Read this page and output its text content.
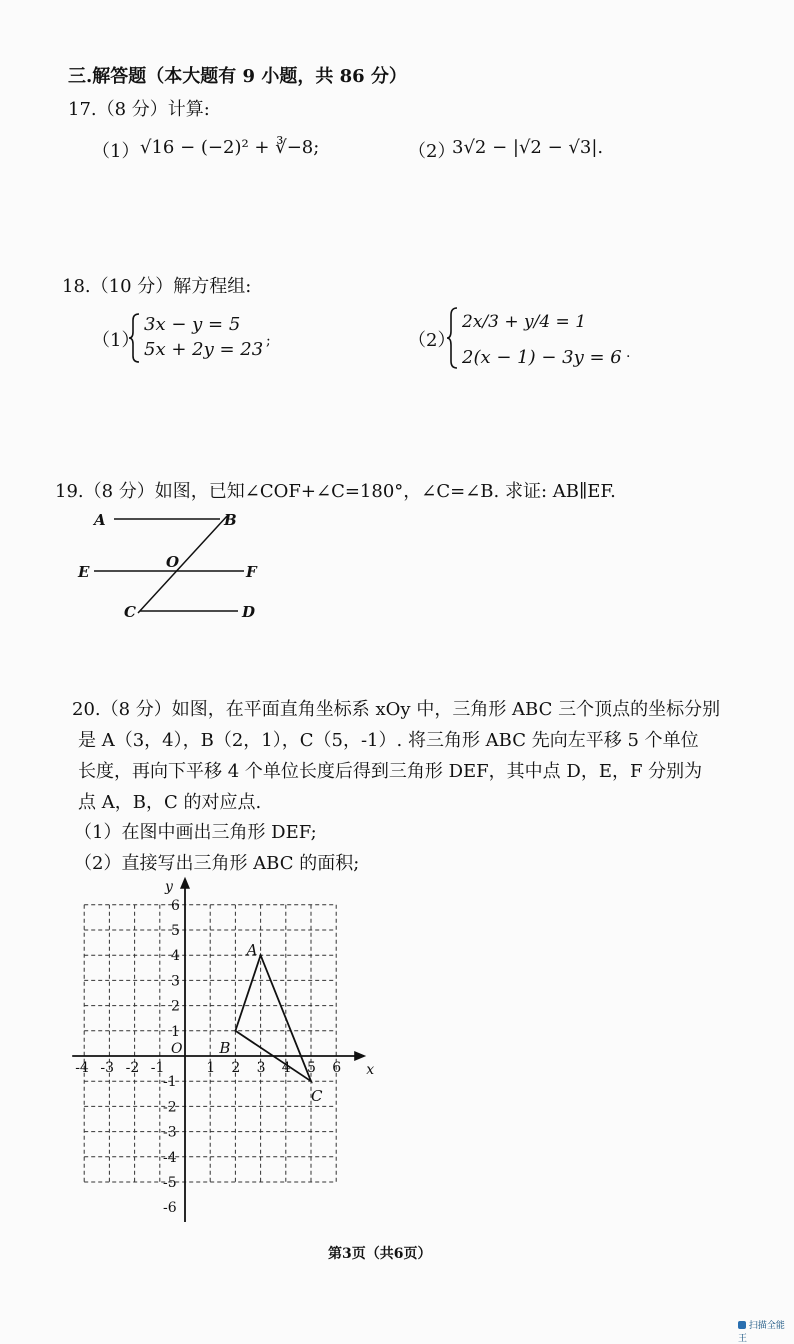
三.解答题（本大题有 9 小题，共 86 分）
17.（8 分）计算:
（1） √16 − (−2)² + ∛−8;	（2）
3√2 − |√2 − √3|.
18.（10 分）解方程组:
（1）
3x − y = 5
5x + 2y = 23 ;	（2）
2x/3 + y/4 = 1
2(x − 1) − 3y = 6 .
19.（8 分）如图，已知∠COF+∠C=180°，∠C=∠B. 求证: AB∥EF.
A	B
O
E	F
C	D
20.（8 分）如图，在平面直角坐标系 xOy 中，三角形 ABC 三个顶点的坐标分别
是 A（3，4），B（2，1），C（5，-1）. 将三角形 ABC 先向左平移 5 个单位
长度，再向下平移 4 个单位长度后得到三角形 DEF，其中点 D，E，F 分别为
点 A，B，C 的对应点.
（1）在图中画出三角形 DEF;
（2）直接写出三角形 ABC 的面积;
x
y
O
-4 -3 -2 -1	1 2 3 4 5 6
6
5
4
3
2
1
-1
-2
-3
-4
-5
-6
A
B
C
第3页（共6页）
扫描全能王
